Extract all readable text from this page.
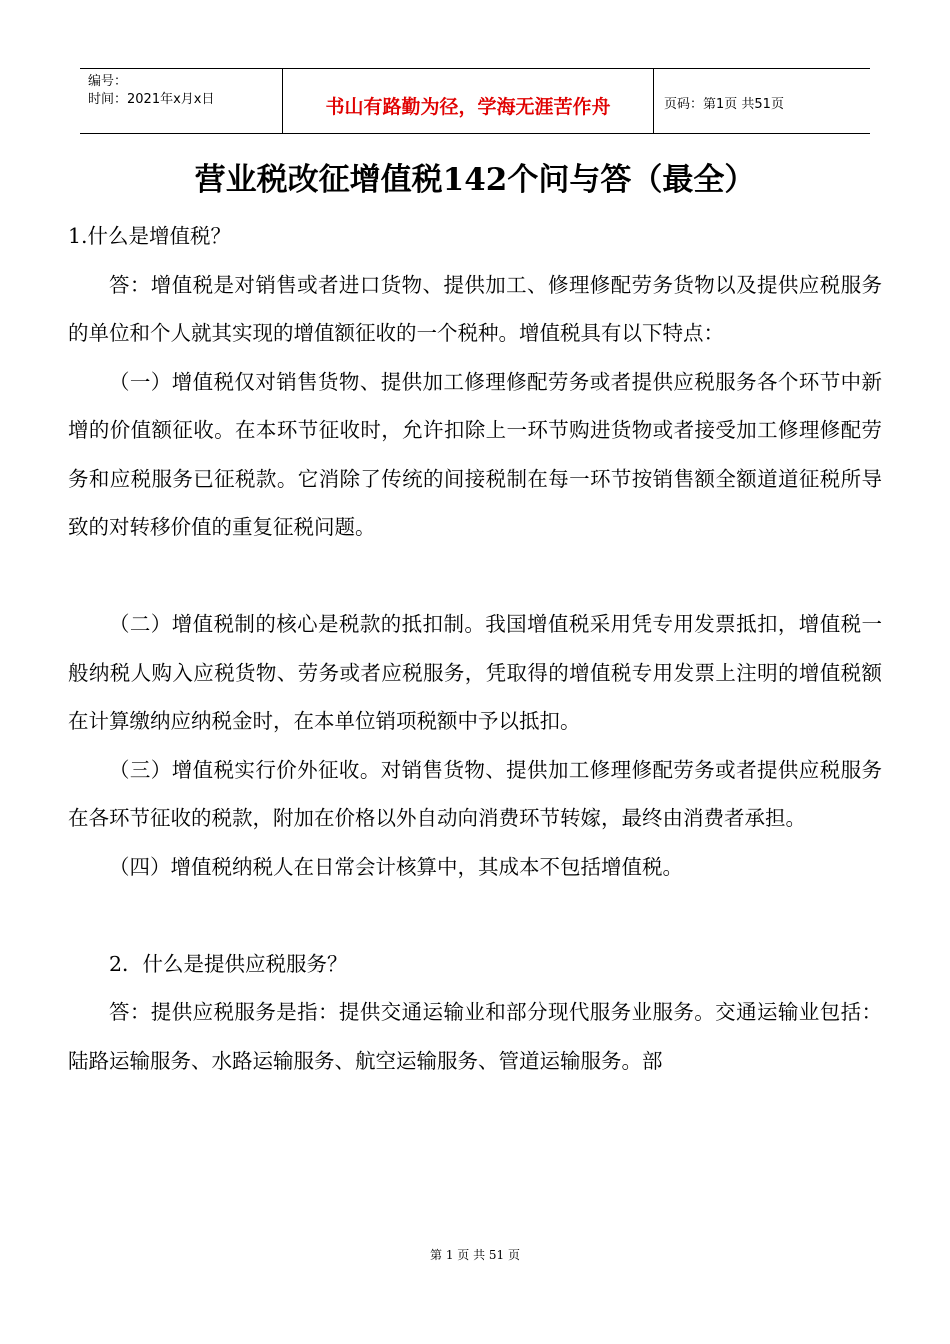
编号：
时间：2021年x月x日	书山有路勤为径，学海无涯苦作舟	页码：第1页 共51页
营业税改征增值税142个问与答（最全）

1.什么是增值税？

答：增值税是对销售或者进口货物、提供加工、修理修配劳务货物以及提供应税服务的单位和个人就其实现的增值额征收的一个税种。增值税具有以下特点：

（一）增值税仅对销售货物、提供加工修理修配劳务或者提供应税服务各个环节中新增的价值额征收。在本环节征收时，允许扣除上一环节购进货物或者接受加工修理修配劳务和应税服务已征税款。它消除了传统的间接税制在每一环节按销售额全额道道征税所导致的对转移价值的重复征税问题。

（二）增值税制的核心是税款的抵扣制。我国增值税采用凭专用发票抵扣，增值税一般纳税人购入应税货物、劳务或者应税服务，凭取得的增值税专用发票上注明的增值税额在计算缴纳应纳税金时，在本单位销项税额中予以抵扣。

（三）增值税实行价外征收。对销售货物、提供加工修理修配劳务或者提供应税服务在各环节征收的税款，附加在价格以外自动向消费环节转嫁，最终由消费者承担。

（四）增值税纳税人在日常会计核算中，其成本不包括增值税。

2．什么是提供应税服务？

答：提供应税服务是指：提供交通运输业和部分现代服务业服务。交通运输业包括：陆路运输服务、水路运输服务、航空运输服务、管道运输服务。部

第 1 页 共 51 页
